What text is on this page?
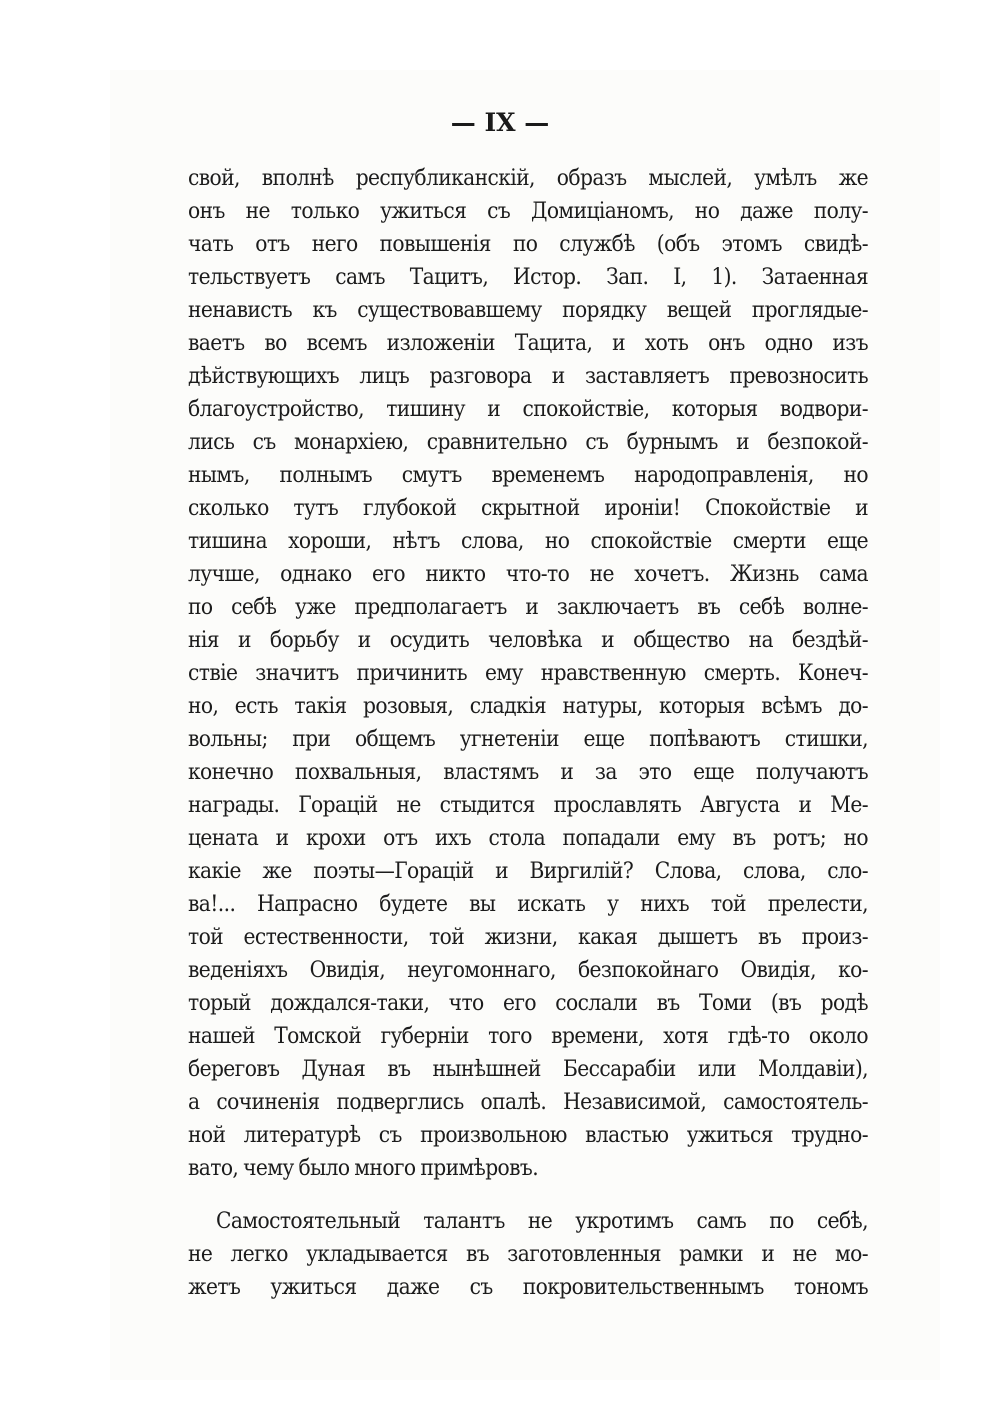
— IX —
свой, вполнѣ республиканскій, образъ мыслей, умѣлъ же
онъ не только ужиться съ Домиціаномъ, но даже полу-
чать отъ него повышенія по службѣ (объ этомъ свидѣ-
тельствуетъ самъ Тацитъ, Истор. Зап. I, 1). Затаенная
ненависть къ существовавшему порядку вещей проглядые-
ваетъ во всемъ изложеніи Тацита, и хоть онъ одно изъ
дѣйствующихъ лицъ разговора и заставляетъ превозносить
благоустройство, тишину и спокойствіе, которыя водвори-
лись съ монархіею, сравнительно съ бурнымъ и безпокой-
нымъ, полнымъ смутъ временемъ народоправленія, но
сколько тутъ глубокой скрытной ироніи! Спокойствіе и
тишина хороши, нѣтъ слова, но спокойствіе смерти еще
лучше, однако его никто что-то не хочетъ. Жизнь сама
по себѣ уже предполагаетъ и заключаетъ въ себѣ волне-
нія и борьбу и осудить человѣка и общество на бездѣй-
ствіе значитъ причинить ему нравственную смерть. Конеч-
но, есть такія розовыя, сладкія натуры, которыя всѣмъ до-
вольны; при общемъ угнетеніи еще попѣваютъ стишки,
конечно похвальныя, властямъ и за это еще получаютъ
награды. Горацій не стыдится прославлять Августа и Ме-
цената и крохи отъ ихъ стола попадали ему въ ротъ; но
какіе же поэты—Горацій и Виргилій? Слова, слова, сло-
ва!... Напрасно будете вы искать у нихъ той прелести,
той естественности, той жизни, какая дышетъ въ произ-
веденіяхъ Овидія, неугомоннаго, безпокойнаго Овидія, ко-
торый дождался-таки, что его сослали въ Томи (въ родѣ
нашей Томской губерніи того времени, хотя гдѣ-то около
береговъ Дуная въ нынѣшней Бессарабіи или Молдавіи),
а сочиненія подверглись опалѣ. Независимой, самостоятель-
ной литературѣ съ произвольною властью ужиться трудно-
вато, чему было много примѣровъ.
Самостоятельный талантъ не укротимъ самъ по себѣ,
не легко укладывается въ заготовленныя рамки и не мо-
жетъ ужиться даже съ покровительственнымъ тономъ
